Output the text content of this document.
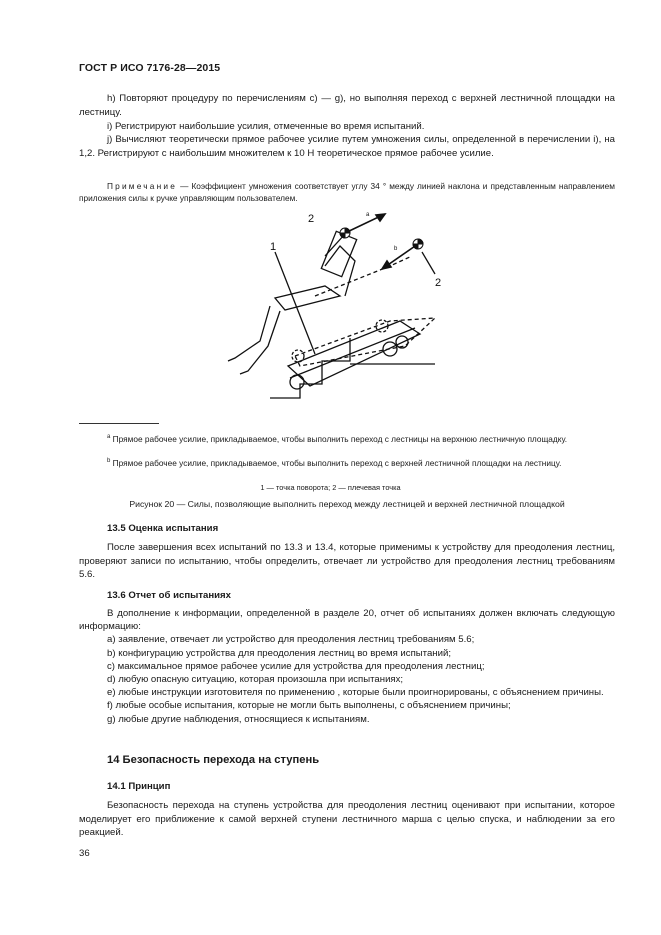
ГОСТ Р ИСО 7176-28—2015
h) Повторяют процедуру по перечислениям c) — g), но выполняя переход с верхней лестничной площадки на лестницу.
i) Регистрируют наибольшие усилия, отмеченные во время испытаний.
j) Вычисляют теоретически прямое рабочее усилие путем умножения силы, определенной в перечислении i), на 1,2. Регистрируют с наибольшим множителем к 10 Н теоретическое прямое рабочее усилие.
Примечание — Коэффициент умножения соответствует углу 34 ° между линией наклона и представленным направлением приложения силы к ручке управляющим пользователем.
2
1
2
a
b
$^a$ Прямое рабочее усилие, прикладываемое, чтобы выполнить переход с лестницы на верхнюю лестничную площадку.
$^b$ Прямое рабочее усилие, прикладываемое, чтобы выполнить переход с верхней лестничной площадки на лестницу.
1 — точка поворота; 2 — плечевая точка
Рисунок 20 — Силы, позволяющие выполнить переход между лестницей и верхней лестничной площадкой
13.5 Оценка испытания
После завершения всех испытаний по 13.3 и 13.4, которые применимы к устройству для преодоления лестниц, проверяют записи по испытанию, чтобы определить, отвечает ли устройство для преодоления лестниц требованиям 5.6.
13.6 Отчет об испытаниях
В дополнение к информации, определенной в разделе 20, отчет об испытаниях должен включать следующую информацию:
a) заявление, отвечает ли устройство для преодоления лестниц требованиям 5.6;
b) конфигурацию устройства для преодоления лестниц во время испытаний;
c) максимальное прямое рабочее усилие для устройства для преодоления лестниц;
d) любую опасную ситуацию, которая произошла при испытаниях;
e) любые инструкции изготовителя по применению , которые были проигнорированы, с объяснением причины.
f) любые особые испытания, которые не могли быть выполнены, с объяснением причины;
g) любые другие наблюдения, относящиеся к испытаниям.
14 Безопасность перехода на ступень
14.1 Принцип
Безопасность перехода на ступень устройства для преодоления лестниц оценивают при испытании, которое моделирует его приближение к самой верхней ступени лестничного марша с целью спуска, и наблюдении за его реакцией.
36
